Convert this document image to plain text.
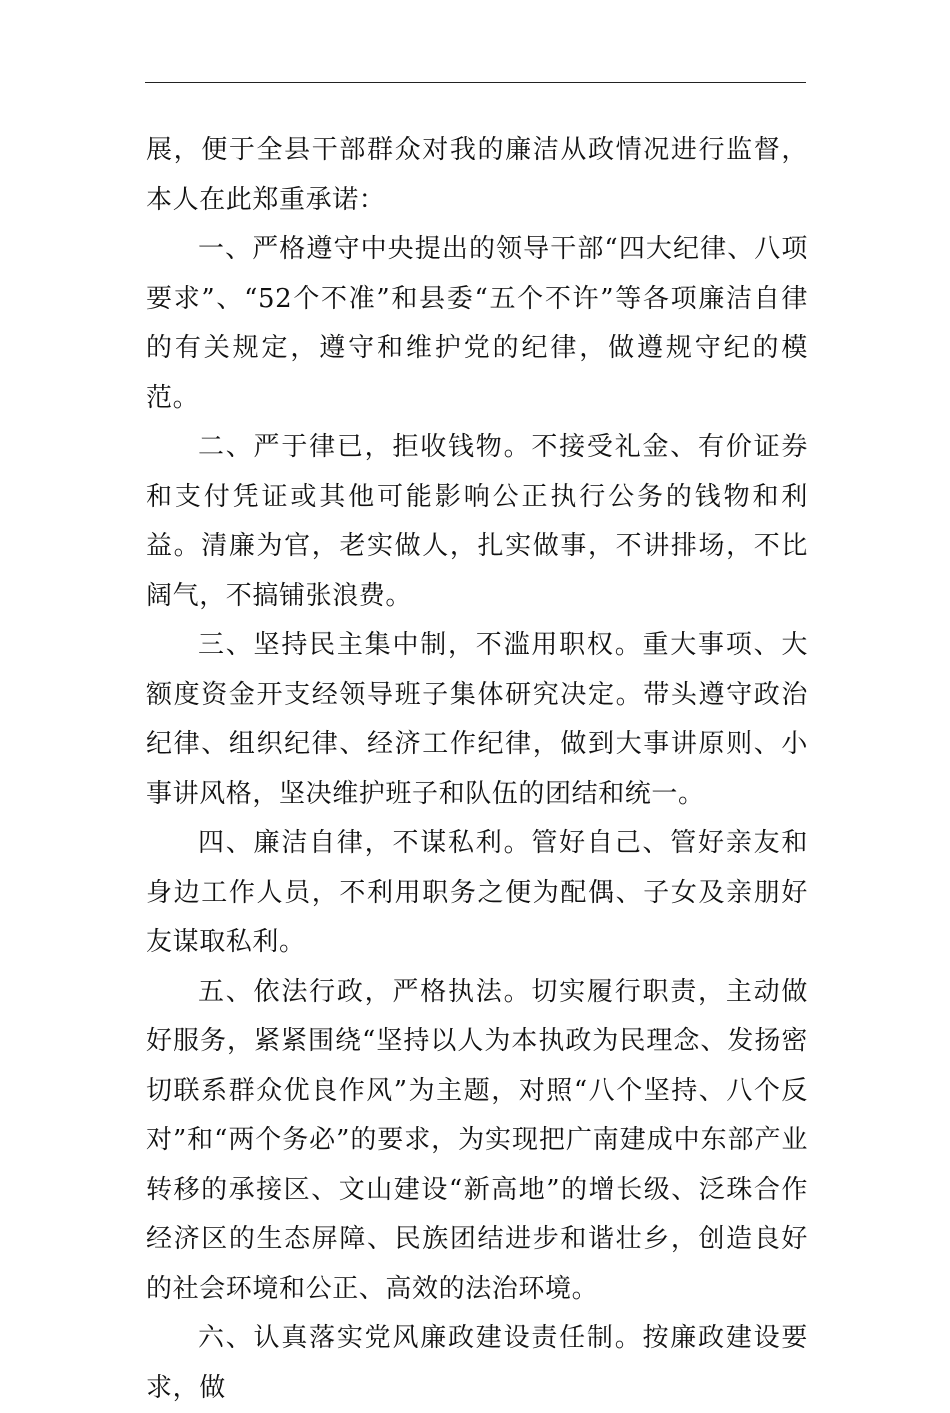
展，便于全县干部群众对我的廉洁从政情况进行监督，本人在此郑重承诺：

一、严格遵守中央提出的领导干部“四大纪律、八项要求”、“52个不准”和县委“五个不许”等各项廉洁自律的有关规定，遵守和维护党的纪律，做遵规守纪的模范。

二、严于律已，拒收钱物。不接受礼金、有价证券和支付凭证或其他可能影响公正执行公务的钱物和利益。清廉为官，老实做人，扎实做事，不讲排场，不比阔气，不搞铺张浪费。

三、坚持民主集中制，不滥用职权。重大事项、大额度资金开支经领导班子集体研究决定。带头遵守政治纪律、组织纪律、经济工作纪律，做到大事讲原则、小事讲风格，坚决维护班子和队伍的团结和统一。

四、廉洁自律，不谋私利。管好自己、管好亲友和身边工作人员，不利用职务之便为配偶、子女及亲朋好友谋取私利。

五、依法行政，严格执法。切实履行职责，主动做好服务，紧紧围绕“坚持以人为本执政为民理念、发扬密切联系群众优良作风”为主题，对照“八个坚持、八个反对”和“两个务必”的要求，为实现把广南建成中东部产业转移的承接区、文山建设“新高地”的增长级、泛珠合作经济区的生态屏障、民族团结进步和谐壮乡，创造良好的社会环境和公正、高效的法治环境。

六、认真落实党风廉政建设责任制。按廉政建设要求，做
